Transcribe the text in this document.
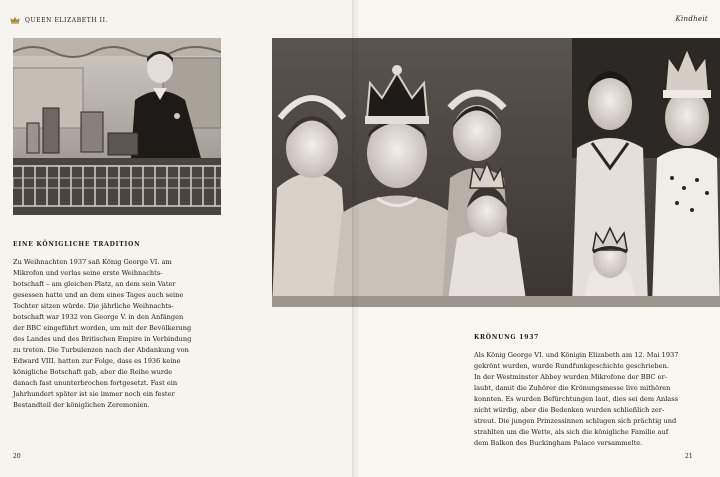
QUEEN ELIZABETH II.
EINE KÖNIGLICHE TRADITION

Zu Weihnachten 1937 saß König George VI. am
Mikrofon und verlas seine erste Weihnachts-
botschaft – am gleichen Platz, an dem sein Vater
gesessen hatte und an dem eines Tages auch seine
Tochter sitzen würde. Die jährliche Weihnachts-
botschaft war 1932 von George V. in den Anfängen
der BBC eingeführt worden, um mit der Bevölkerung
des Landes und des Britischen Empire in Verbindung
zu treten. Die Turbulenzen nach der Abdankung von
Edward VIII. hatten zur Folge, dass es 1936 keine
königliche Botschaft gab, aber die Reihe wurde
danach fast ununterbrochen fortgesetzt. Fast ein
Jahrhundert später ist sie immer noch ein fester
Bestandteil der königlichen Zeremonien.

20
Kindheit
KRÖNUNG 1937

Als König George VI. und Königin Elizabeth am 12. Mai 1937
gekrönt wurden, wurde Rundfunkgeschichte geschrieben.
In der Westminster Abbey wurden Mikrofone der BBC er-
laubt, damit die Zuhörer die Krönungsmesse live mithören
konnten. Es wurden Befürchtungen laut, dies sei dem Anlass
nicht würdig, aber die Bedenken wurden schließlich zer-
streut. Die jungen Prinzessinnen schlugen sich prächtig und
strahlten um die Wette, als sich die königliche Familie auf
dem Balkon des Buckingham Palace versammelte.

21
